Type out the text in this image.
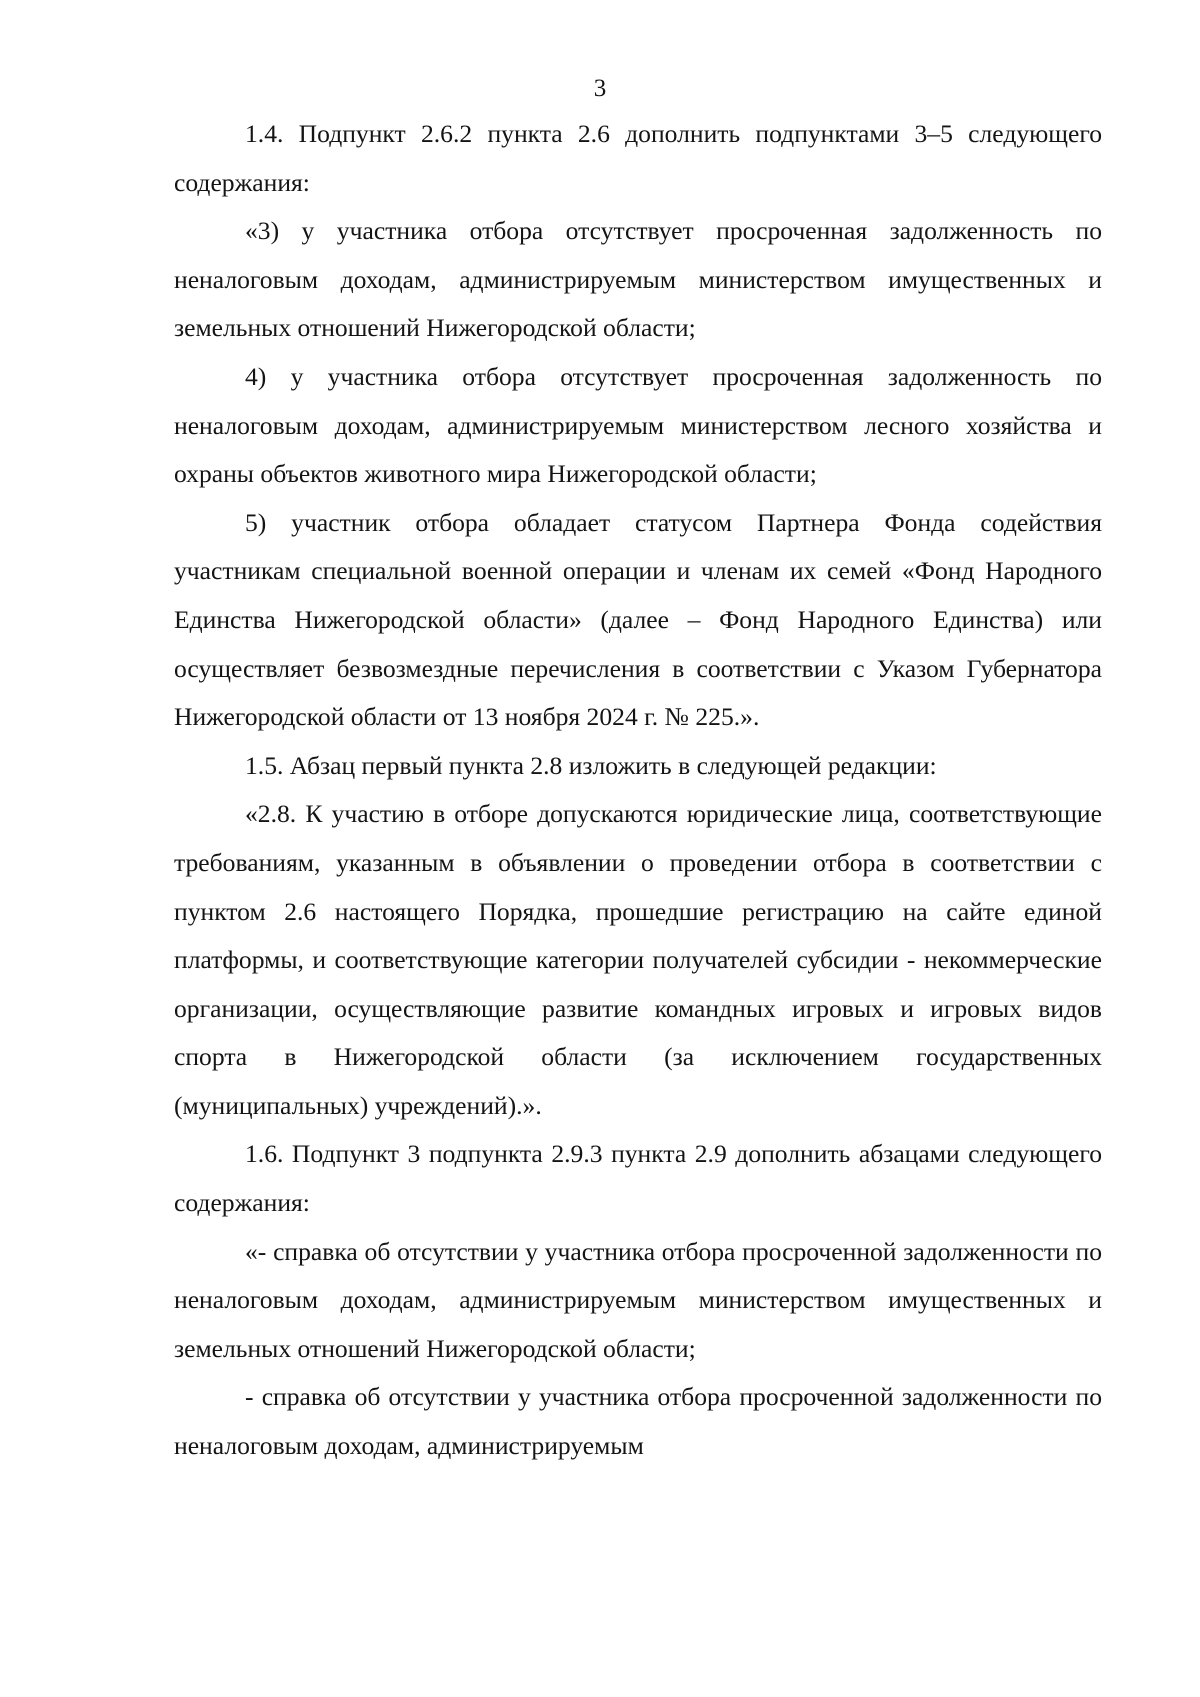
3

1.4. Подпункт 2.6.2 пункта 2.6 дополнить подпунктами 3–5 следующего содержания:

«3) у участника отбора отсутствует просроченная задолженность по неналоговым доходам, администрируемым министерством имущественных и земельных отношений Нижегородской области;

4) у участника отбора отсутствует просроченная задолженность по неналоговым доходам, администрируемым министерством лесного хозяйства и охраны объектов животного мира Нижегородской области;

5) участник отбора обладает статусом Партнера Фонда содействия участникам специальной военной операции и членам их семей «Фонд Народного Единства Нижегородской области» (далее – Фонд Народного Единства) или осуществляет безвозмездные перечисления в соответствии с Указом Губернатора Нижегородской области от 13 ноября 2024 г. № 225.».

1.5. Абзац первый пункта 2.8 изложить в следующей редакции:

«2.8. К участию в отборе допускаются юридические лица, соответствующие требованиям, указанным в объявлении о проведении отбора в соответствии с пунктом 2.6 настоящего Порядка, прошедшие регистрацию на сайте единой платформы, и соответствующие категории получателей субсидии - некоммерческие организации, осуществляющие развитие командных игровых и игровых видов спорта в Нижегородской области (за исключением государственных (муниципальных) учреждений).».

1.6. Подпункт 3 подпункта 2.9.3 пункта 2.9 дополнить абзацами следующего содержания:

«- справка об отсутствии у участника отбора просроченной задолженности по неналоговым доходам, администрируемым министерством имущественных и земельных отношений Нижегородской области;

- справка об отсутствии у участника отбора просроченной задолженности по неналоговым доходам, администрируемым
